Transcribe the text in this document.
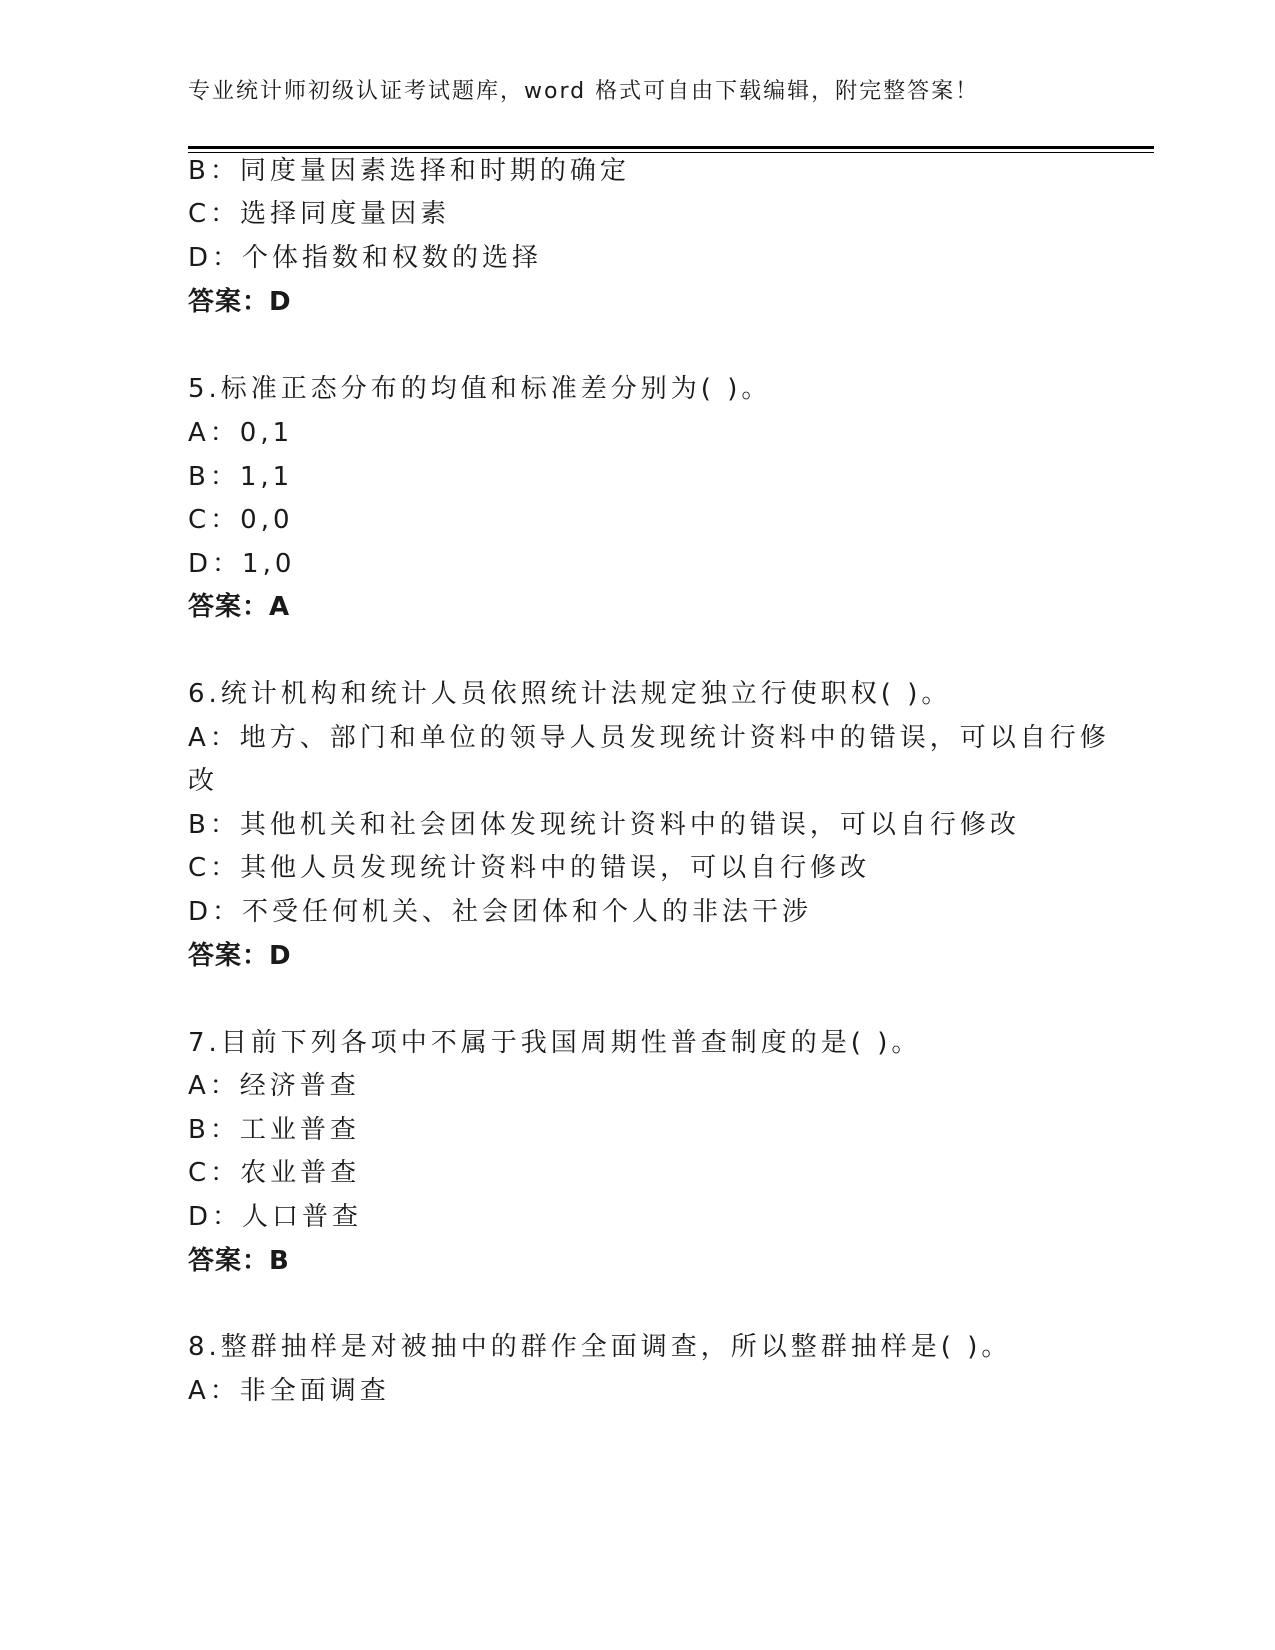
专业统计师初级认证考试题库，word 格式可自由下载编辑，附完整答案！
B：同度量因素选择和时期的确定
C：选择同度量因素
D：个体指数和权数的选择
答案：D
5.标准正态分布的均值和标准差分别为( )。
A：0,1
B：1,1
C：0,0
D：1,0
答案：A
6.统计机构和统计人员依照统计法规定独立行使职权( )。
A：地方、部门和单位的领导人员发现统计资料中的错误，可以自行修
改
B：其他机关和社会团体发现统计资料中的错误，可以自行修改
C：其他人员发现统计资料中的错误，可以自行修改
D：不受任何机关、社会团体和个人的非法干涉
答案：D
7.目前下列各项中不属于我国周期性普查制度的是( )。
A：经济普查
B：工业普查
C：农业普查
D：人口普查
答案：B
8.整群抽样是对被抽中的群作全面调查，所以整群抽样是( )。
A：非全面调查
